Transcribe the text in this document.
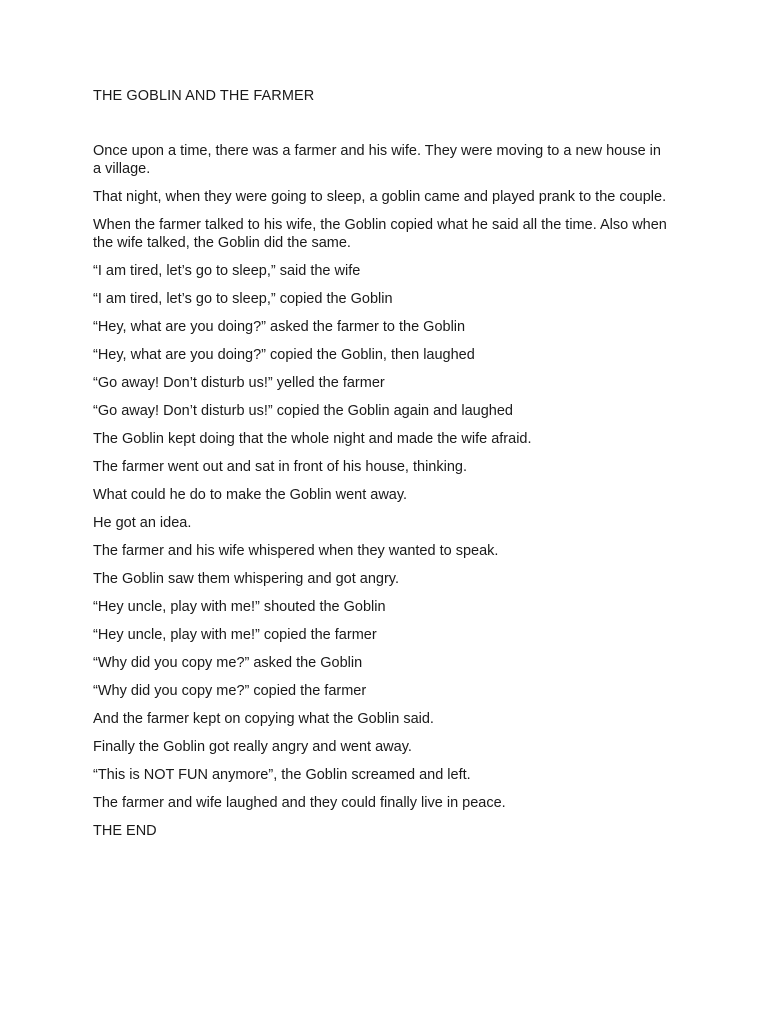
THE GOBLIN AND THE FARMER

Once upon a time, there was a farmer and his wife. They were moving to a new house in a village.

That night, when they were going to sleep, a goblin came and played prank to the couple.

When the farmer talked to his wife, the Goblin copied what he said all the time. Also when the wife talked, the Goblin did the same.

“I am tired, let’s go to sleep,” said the wife

“I am tired, let’s go to sleep,” copied the Goblin

“Hey, what are you doing?” asked the farmer to the Goblin

“Hey, what are you doing?” copied the Goblin, then laughed

“Go away! Don’t disturb us!” yelled the farmer

“Go away! Don’t disturb us!” copied the Goblin again and laughed

The Goblin kept doing that the whole night and made the wife afraid.

The farmer went out and sat in front of his house, thinking.

What could he do to make the Goblin went away.

He got an idea.

The farmer and his wife whispered when they wanted to speak.

The Goblin saw them whispering and got angry.

“Hey uncle, play with me!” shouted the Goblin

“Hey uncle, play with me!” copied the farmer

“Why did you copy me?” asked the Goblin

“Why did you copy me?” copied the farmer

And the farmer kept on copying what the Goblin said.

Finally the Goblin got really angry and went away.

“This is NOT FUN anymore”, the Goblin screamed and left.

The farmer and wife laughed and they could finally live in peace.

THE END
